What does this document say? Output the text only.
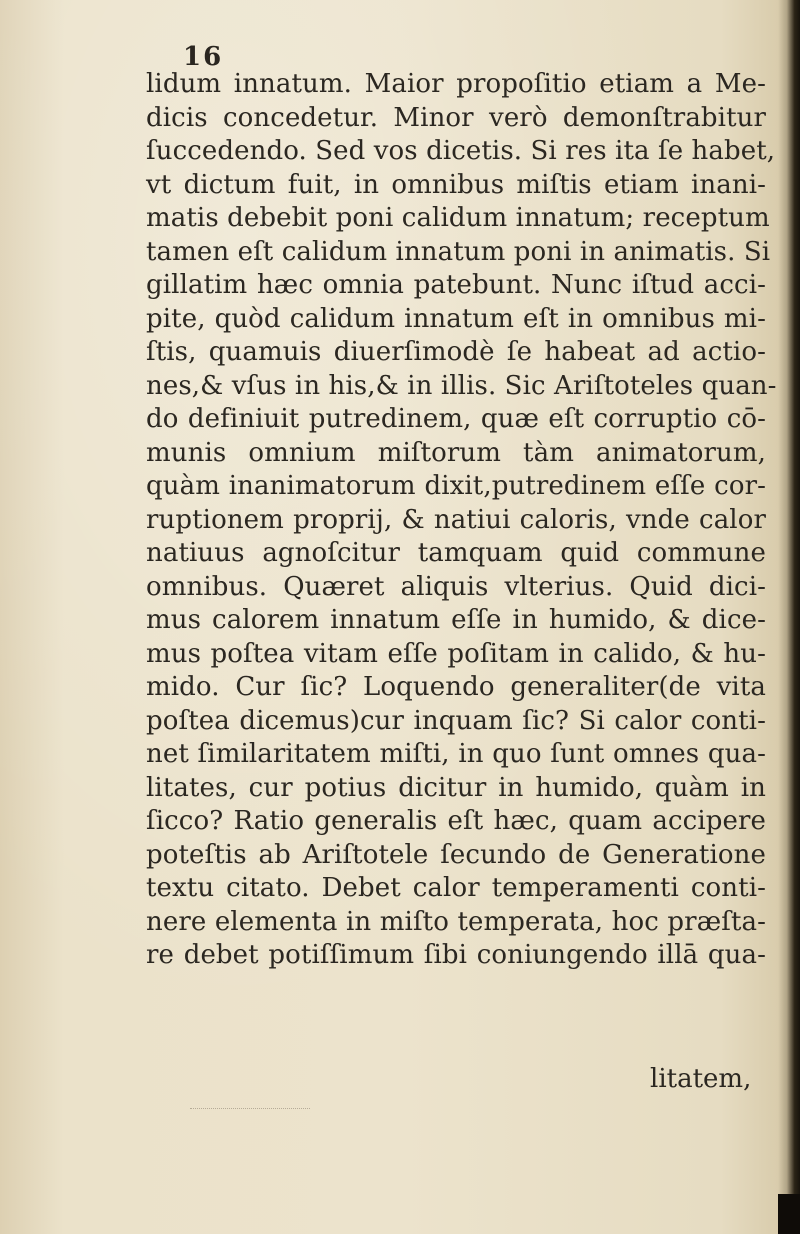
16
lidum innatum. Maior propoſitio etiam a Me-
dicis concedetur. Minor verò demonſtrabitur
ſuccedendo. Sed vos dicetis. Si res ita ſe habet,
vt dictum fuit, in omnibus miſtis etiam inani-
matis debebit poni calidum innatum; receptum
tamen eſt calidum innatum poni in animatis. Si
gillatim hæc omnia patebunt. Nunc iſtud acci-
pite, quòd calidum innatum eſt in omnibus mi-
ſtis, quamuis diuerſimodè ſe habeat ad actio-
nes,& vſus in his,& in illis. Sic Ariſtoteles quan-
do definiuit putredinem, quæ eſt corruptio cō-
munis omnium miſtorum tàm animatorum,
quàm inanimatorum dixit,putredinem eſſe cor-
ruptionem proprij, & natiui caloris, vnde calor
natiuus agnoſcitur tamquam quid commune
omnibus. Quæret aliquis vlterius. Quid dici-
mus calorem innatum eſſe in humido, & dice-
mus poſtea vitam eſſe poſitam in calido, & hu-
mido. Cur ſic? Loquendo generaliter(de vita
poſtea dicemus)cur inquam ſic? Si calor conti-
net ſimilaritatem miſti, in quo ſunt omnes qua-
litates, cur potius dicitur in humido, quàm in
ſicco? Ratio generalis eſt hæc, quam accipere
poteſtis ab Ariſtotele ſecundo de Generatione
textu citato. Debet calor temperamenti conti-
nere elementa in miſto temperata, hoc præſta-
re debet potiſſimum ſibi coniungendo illā qua-
litatem,
